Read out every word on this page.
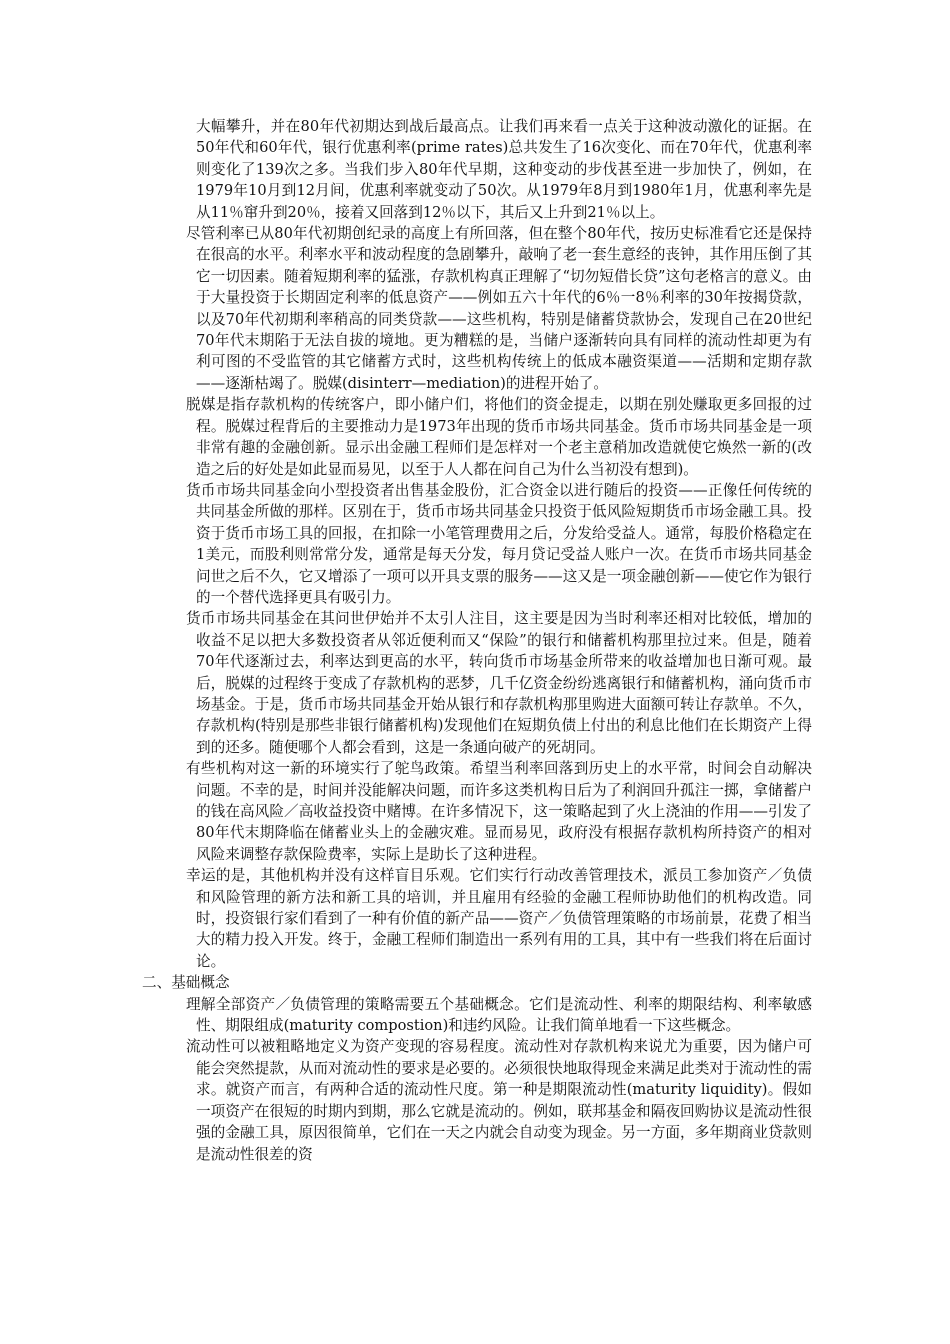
大幅攀升，并在80年代初期达到战后最高点。让我们再来看一点关于这种波动激化的证据。在50年代和60年代，银行优惠利率(prime rates)总共发生了16次变化、而在70年代，优惠利率则变化了139次之多。当我们步入80年代早期，这种变动的步伐甚至进一步加快了，例如，在1979年10月到12月间，优惠利率就变动了50次。从1979年8月到1980年1月，优惠利率先是从11％窜升到20％，接着又回落到12％以下，其后又上升到21％以上。

尽管利率已从80年代初期创纪录的高度上有所回落，但在整个80年代，按历史标准看它还是保持在很高的水平。利率水平和波动程度的急剧攀升，敲响了老一套生意经的丧钟，其作用压倒了其它一切因素。随着短期利率的猛涨，存款机构真正理解了“切勿短借长贷”这句老格言的意义。由于大量投资于长期固定利率的低息资产——例如五六十年代的6％一8％利率的30年按揭贷款，以及70年代初期利率稍高的同类贷款——这些机构，特别是储蓄贷款协会，发现自己在20世纪70年代末期陷于无法自拔的境地。更为糟糕的是，当储户逐渐转向具有同样的流动性却更为有利可图的不受监管的其它储蓄方式时，这些机构传统上的低成本融资渠道——活期和定期存款——逐渐枯竭了。脱媒(disinterr—mediation)的进程开始了。

脱媒是指存款机构的传统客户，即小储户们，将他们的资金提走，以期在别处赚取更多回报的过程。脱媒过程背后的主要推动力是1973年出现的货币市场共同基金。货币市场共同基金是一项非常有趣的金融创新。显示出金融工程师们是怎样对一个老主意稍加改造就使它焕然一新的(改造之后的好处是如此显而易见，以至于人人都在问自己为什么当初没有想到)。

货币市场共同基金向小型投资者出售基金股份，汇合资金以进行随后的投资——正像任何传统的共同基金所做的那样。区别在于，货币市场共同基金只投资于低风险短期货币市场金融工具。投资于货币市场工具的回报，在扣除一小笔管理费用之后，分发给受益人。通常，每股价格稳定在1美元，而股利则常常分发，通常是每天分发，每月贷记受益人账户一次。在货币市场共同基金问世之后不久，它又增添了一项可以开具支票的服务——这又是一项金融创新——使它作为银行的一个替代选择更具有吸引力。

货币市场共同基金在其问世伊始并不太引人注目，这主要是因为当时利率还相对比较低，增加的收益不足以把大多数投资者从邻近便利而又“保险”的银行和储蓄机构那里拉过来。但是，随着70年代逐渐过去，利率达到更高的水平，转向货币市场基金所带来的收益增加也日渐可观。最后，脱媒的过程终于变成了存款机构的恶梦，几千亿资金纷纷逃离银行和储蓄机构，涌向货币市场基金。于是，货币市场共同基金开始从银行和存款机构那里购进大面额可转让存款单。不久，存款机构(特别是那些非银行储蓄机构)发现他们在短期负债上付出的利息比他们在长期资产上得到的还多。随便哪个人都会看到，这是一条通向破产的死胡同。

有些机构对这一新的环境实行了鸵鸟政策。希望当利率回落到历史上的水平常，时间会自动解决问题。不幸的是，时间并没能解决问题，而许多这类机构日后为了利润回升孤注一掷，拿储蓄户的钱在高风险／高收益投资中赌博。在许多情况下，这一策略起到了火上浇油的作用——引发了80年代末期降临在储蓄业头上的金融灾难。显而易见，政府没有根据存款机构所持资产的相对风险来调整存款保险费率，实际上是助长了这种进程。

幸运的是，其他机构并没有这样盲目乐观。它们实行行动改善管理技术，派员工参加资产／负债和风险管理的新方法和新工具的培训，并且雇用有经验的金融工程师协助他们的机构改造。同时，投资银行家们看到了一种有价值的新产品——资产／负债管理策略的市场前景，花费了相当大的精力投入开发。终于，金融工程师们制造出一系列有用的工具，其中有一些我们将在后面讨论。

二、基础概念

理解全部资产／负债管理的策略需要五个基础概念。它们是流动性、利率的期限结构、利率敏感性、期限组成(maturity compostion)和违约风险。让我们简单地看一下这些概念。

流动性可以被粗略地定义为资产变现的容易程度。流动性对存款机构来说尤为重要，因为储户可能会突然提款，从而对流动性的要求是必要的。必须很快地取得现金来满足此类对于流动性的需求。就资产而言，有两种合适的流动性尺度。第一种是期限流动性(maturity liquidity)。假如一项资产在很短的时期内到期，那么它就是流动的。例如，联邦基金和隔夜回购协议是流动性很强的金融工具，原因很简单，它们在一天之内就会自动变为现金。另一方面，多年期商业贷款则是流动性很差的资
